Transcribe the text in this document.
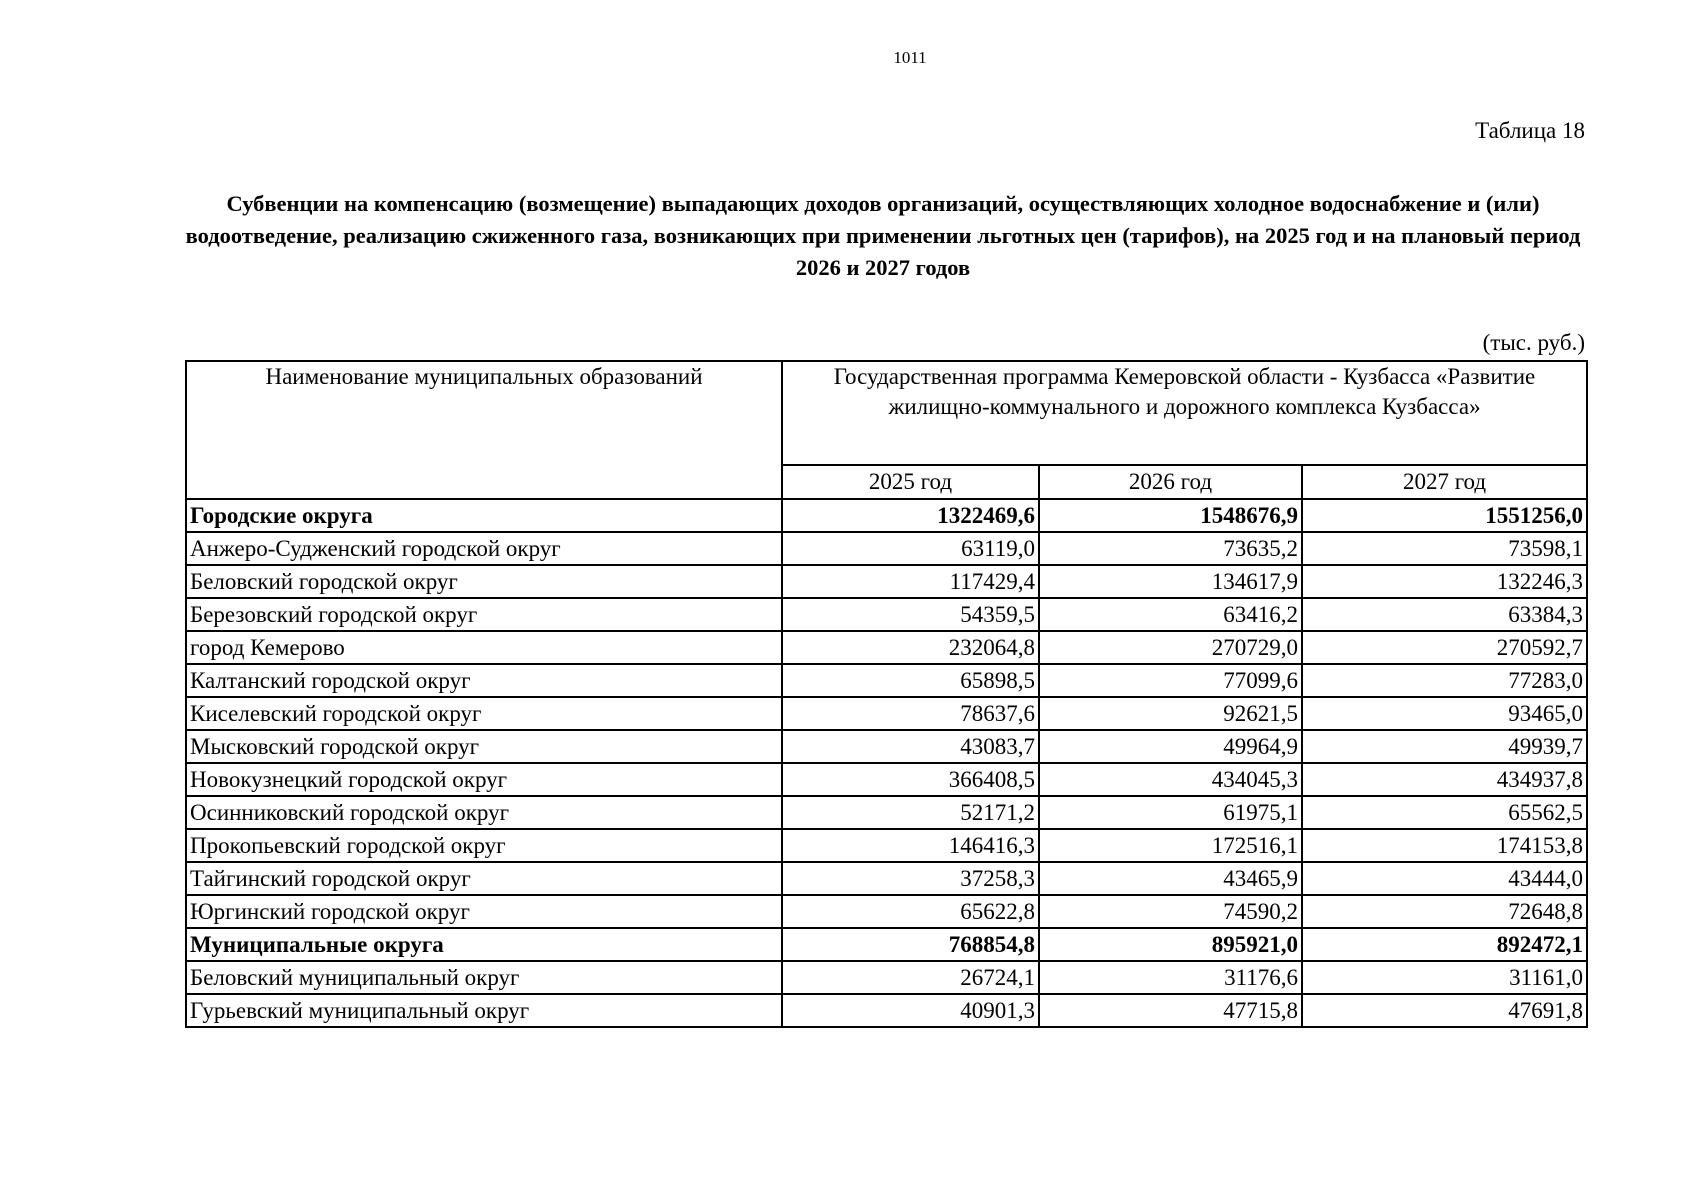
1011
Таблица 18
Субвенции на компенсацию (возмещение) выпадающих доходов организаций, осуществляющих холодное водоснабжение и (или) водоотведение, реализацию сжиженного газа, возникающих при применении льготных цен (тарифов), на 2025 год и на плановый период 2026 и 2027 годов
(тыс. руб.)
Наименование муниципальных образований	Государственная программа Кемеровской области - Кузбасса «Развитие жилищно-коммунального и дорожного комплекса Кузбасса»		
	2025 год	2026 год	2027 год
Городские округа	1322469,6	1548676,9	1551256,0
Анжеро-Судженский городской округ	63119,0	73635,2	73598,1
Беловский городской округ	117429,4	134617,9	132246,3
Березовский городской округ	54359,5	63416,2	63384,3
город Кемерово	232064,8	270729,0	270592,7
Калтанский городской округ	65898,5	77099,6	77283,0
Киселевский городской округ	78637,6	92621,5	93465,0
Мысковский городской округ	43083,7	49964,9	49939,7
Новокузнецкий городской округ	366408,5	434045,3	434937,8
Осинниковский городской округ	52171,2	61975,1	65562,5
Прокопьевский городской округ	146416,3	172516,1	174153,8
Тайгинский городской округ	37258,3	43465,9	43444,0
Юргинский городской округ	65622,8	74590,2	72648,8
Муниципальные округа	768854,8	895921,0	892472,1
Беловский муниципальный округ	26724,1	31176,6	31161,0
Гурьевский муниципальный округ	40901,3	47715,8	47691,8
